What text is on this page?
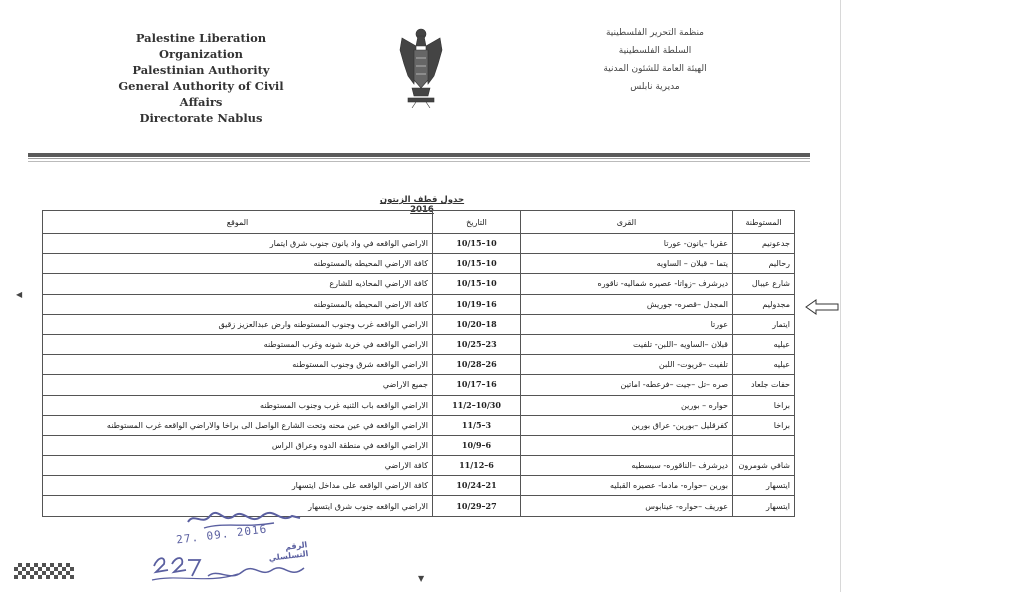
Palestine Liberation Organization
Palestinian Authority
General Authority of Civil Affairs
Directorate Nablus
منظمة التحرير الفلسطينية
السلطة الفلسطينية
الهيئة العامة للشئون المدنية
مديرية نابلس
جدول قطف الزيتون 2016
المستوطنة	القرى	التاريخ	الموقع
جدعونيم	عقربا –يانون- عورتا	10/15–10	الاراضي الواقعه في واد يانون جنوب شرق ايتمار
رحاليم	يتما – قبلان – الساويه	10/15–10	كافة الاراضي المحيطه بالمستوطنه
شارع عيبال	ديرشرف –زواتا- عصيره شماليه- ناقوره	10/15–10	كافة الاراضي المحاذيه للشارع
مجدوليم	المجدل –قصره- جوريش	10/19–16	كافة الاراضي المحيطه بالمستوطنه
ايتمار	عورتا	10/20–18	الاراضي الواقعه غرب وجنوب المستوطنه وارض عبدالعزيز زقيق
عيليه	قبلان –الساويه –اللبن- تلفيت	10/25–23	الاراضي الواقعه في خربة شونه وغرب المستوطنه
عيليه	تلفيت –قريوت- اللبن	10/28–26	الاراضي الواقعه شرق وجنوب المستوطنه
حفات جلعاد	صره –تل –جيت –فرعطه- اماتين	10/17–16	جميع الاراضي
براخا	حواره – بورين	11/2–10/30	الاراضي الواقعه باب الثنيه غرب وجنوب المستوطنه
براخا	كفرقليل –بورين- عراق بورين	11/5–3	الاراضي الواقعه في عين محنه وتحت الشارع الواصل الى براخا والاراضي الواقعه غرب المستوطنه
		10/9–6	الاراضي الواقعه في منطقة الدوه وعراق الراس
شافي شومرون	ديرشرف –الناقوره- سبسطيه	11/12–6	كافة الاراضي
ايتسهار	بورين –حواره- مادما- عصيره القبليه	10/24–21	كافة الاراضي الواقعه على مداخل ايتسهار
ايتسهار	عوريف –حواره- عينابوس	10/29–27	الاراضي الواقعه جنوب شرق ايتسهار
◀
▼
27. 09. 2016	الرقم التسلسلي
